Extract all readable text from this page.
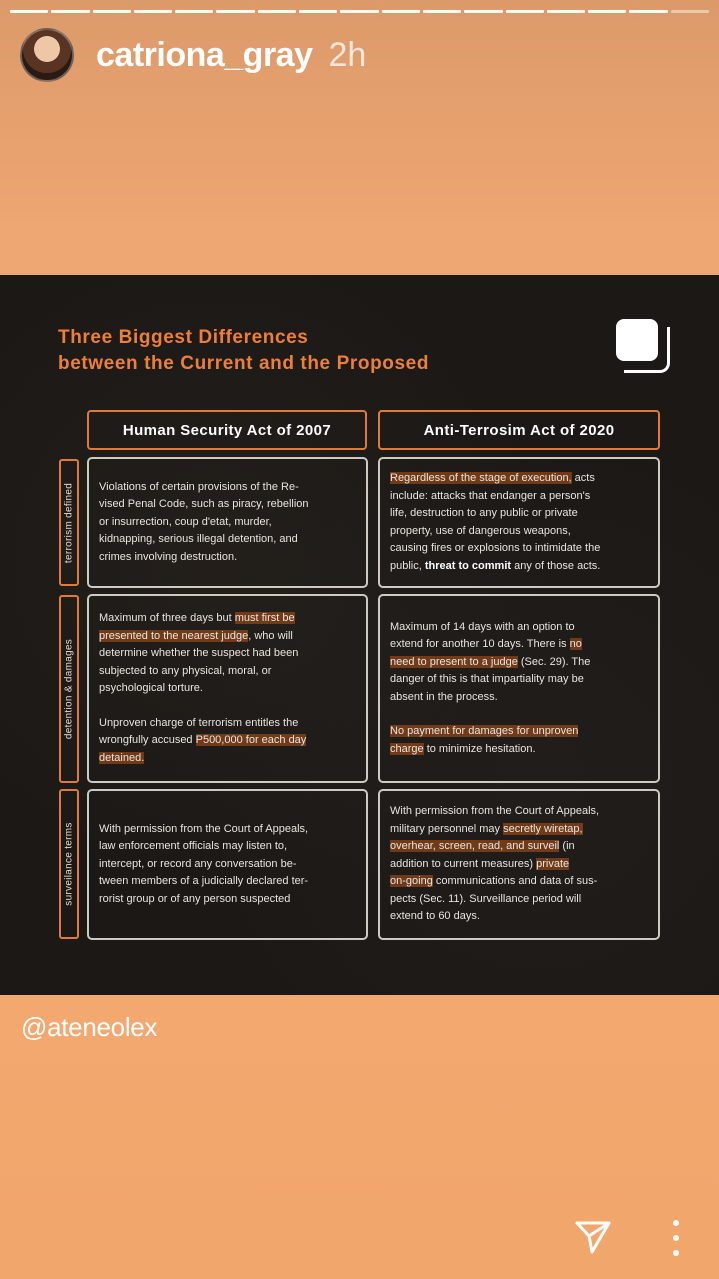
catriona_gray 2h
Three Biggest Differences
between the Current and the Proposed
Human Security Act of 2007	Anti-Terrosim Act of 2020
terrorism defined
detention & damages
surveilance terms

Violations of certain provisions of the Re-
vised Penal Code, such as piracy, rebellion
or insurrection, coup d'etat, murder,
kidnapping, serious illegal detention, and
crimes involving destruction.

Regardless of the stage of execution, acts
include: attacks that endanger a person's
life, destruction to any public or private
property, use of dangerous weapons,
causing fires or explosions to intimidate the
public, threat to commit any of those acts.

Maximum of three days but must first be
presented to the nearest judge, who will
determine whether the suspect had been
subjected to any physical, moral, or
psychological torture.

Unproven charge of terrorism entitles the
wrongfully accused P500,000 for each day
detained.

Maximum of 14 days with an option to
extend for another 10 days. There is no
need to present to a judge (Sec. 29). The
danger of this is that impartiality may be
absent in the process.

No payment for damages for unproven
charge to minimize hesitation.

With permission from the Court of Appeals,
law enforcement officials may listen to,
intercept, or record any conversation be-
tween members of a judicially declared ter-
rorist group or of any person suspected

With permission from the Court of Appeals,
military personnel may secretly wiretap,
overhear, screen, read, and surveil (in
addition to current measures) private
on-going communications and data of sus-
pects (Sec. 11). Surveillance period will
extend to 60 days.

@ateneolex
